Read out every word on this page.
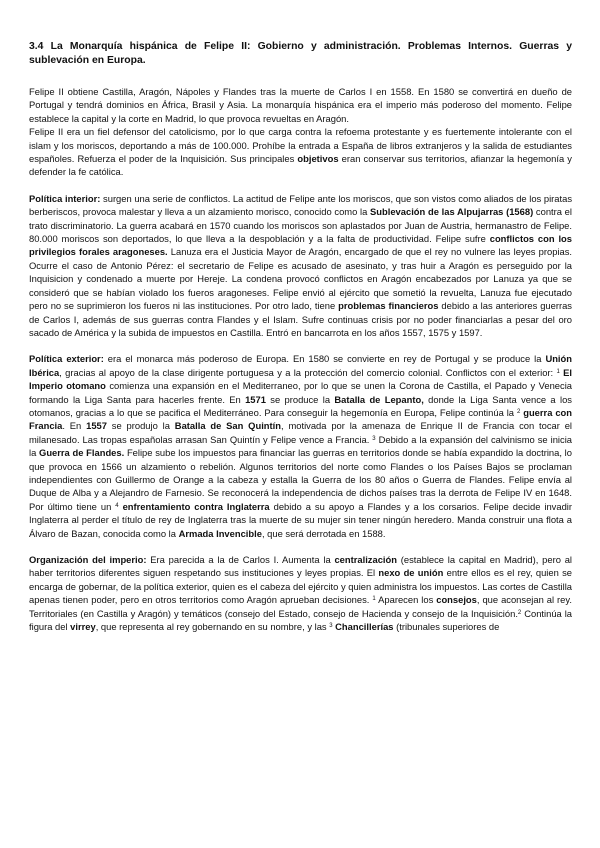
3.4 La Monarquía hispánica de Felipe II: Gobierno y administración. Problemas Internos. Guerras y sublevación en Europa.

Felipe II obtiene Castilla, Aragón, Nápoles y Flandes tras la muerte de Carlos I en 1558. En 1580 se convertirá en dueño de Portugal y tendrá dominios en África, Brasil y Asia. La monarquía hispánica era el imperio más poderoso del momento. Felipe establece la capital y la corte en Madrid, lo que provoca revueltas en Aragón.

Felipe II era un fiel defensor del catolicismo, por lo que carga contra la refoema protestante y es fuertemente intolerante con el islam y los moriscos, deportando a más de 100.000. Prohíbe la entrada a España de libros extranjeros y la salida de estudiantes españoles. Refuerza el poder de la Inquisición. Sus principales objetivos eran conservar sus territorios, afianzar la hegemonía y defender la fe católica.

Política interior: surgen una serie de conflictos. La actitud de Felipe ante los moriscos, que son vistos como aliados de los piratas berberiscos, provoca malestar y lleva a un alzamiento morisco, conocido como la Sublevación de las Alpujarras (1568) contra el trato discriminatorio. La guerra acabará en 1570 cuando los moriscos son aplastados por Juan de Austria, hermanastro de Felipe. 80.000 moriscos son deportados, lo que lleva a la despoblación y a la falta de productividad. Felipe sufre conflictos con los privilegios forales aragoneses. Lanuza era el Justicia Mayor de Aragón, encargado de que el rey no vulnere las leyes propias. Ocurre el caso de Antonio Pérez: el secretario de Felipe es acusado de asesinato, y tras huir a Aragón es perseguido por la Inquisicion y condenado a muerte por Hereje. La condena provocó conflictos en Aragón encabezados por Lanuza ya que se consideró que se habían violado los fueros aragoneses. Felipe envió al ejército que sometió la revuelta, Lanuza fue ejecutado pero no se suprimieron los fueros ni las instituciones. Por otro lado, tiene problemas financieros debido a las anteriores guerras de Carlos I, además de sus guerras contra Flandes y el Islam. Sufre continuas crisis por no poder financiarlas a pesar del oro sacado de América y la subida de impuestos en Castilla. Entró en bancarrota en los años 1557, 1575 y 1597.

Política exterior: era el monarca más poderoso de Europa. En 1580 se convierte en rey de Portugal y se produce la Unión Ibérica, gracias al apoyo de la clase dirigente portuguesa y a la protección del comercio colonial. Conflictos con el exterior: $^1$ El Imperio otomano comienza una expansión en el Mediterraneo, por lo que se unen la Corona de Castilla, el Papado y Venecia formando la Liga Santa para hacerles frente. En 1571 se produce la Batalla de Lepanto, donde la Liga Santa vence a los otomanos, gracias a lo que se pacifica el Mediterráneo. Para conseguir la hegemonía en Europa, Felipe continúa la $^2$ guerra con Francia. En 1557 se produjo la Batalla de San Quintín, motivada por la amenaza de Enrique II de Francia con tocar el milanesado. Las tropas españolas arrasan San Quintín y Felipe vence a Francia. $^3$ Debido a la expansión del calvinismo se inicia la Guerra de Flandes. Felipe sube los impuestos para financiar las guerras en territorios donde se había expandido la doctrina, lo que provoca en 1566 un alzamiento o rebelión. Algunos territorios del norte como Flandes o los Países Bajos se proclaman independientes con Guillermo de Orange a la cabeza y estalla la Guerra de los 80 años o Guerra de Flandes. Felipe envía al Duque de Alba y a Alejandro de Farnesio. Se reconocerá la independencia de dichos países tras la derrota de Felipe IV en 1648. Por último tiene un $^4$ enfrentamiento contra Inglaterra debido a su apoyo a Flandes y a los corsarios. Felipe decide invadir Inglaterra al perder el título de rey de Inglaterra tras la muerte de su mujer sin tener ningún heredero. Manda construir una flota a Álvaro de Bazan, conocida como la Armada Invencible, que será derrotada en 1588.

Organización del imperio: Era parecida a la de Carlos I. Aumenta la centralización (establece la capital en Madrid), pero al haber territorios diferentes siguen respetando sus instituciones y leyes propias. El nexo de unión entre ellos es el rey, quien se encarga de gobernar, de la política exterior, quien es el cabeza del ejército y quien administra los impuestos. Las cortes de Castilla apenas tienen poder, pero en otros territorios como Aragón aprueban decisiones. $^1$ Aparecen los consejos, que aconsejan al rey. Territoriales (en Castilla y Aragón) y temáticos (consejo del Estado, consejo de Hacienda y consejo de la Inquisición.$^2$ Continúa la figura del virrey, que representa al rey gobernando en su nombre, y las $^3$ Chancillerías (tribunales superiores de
